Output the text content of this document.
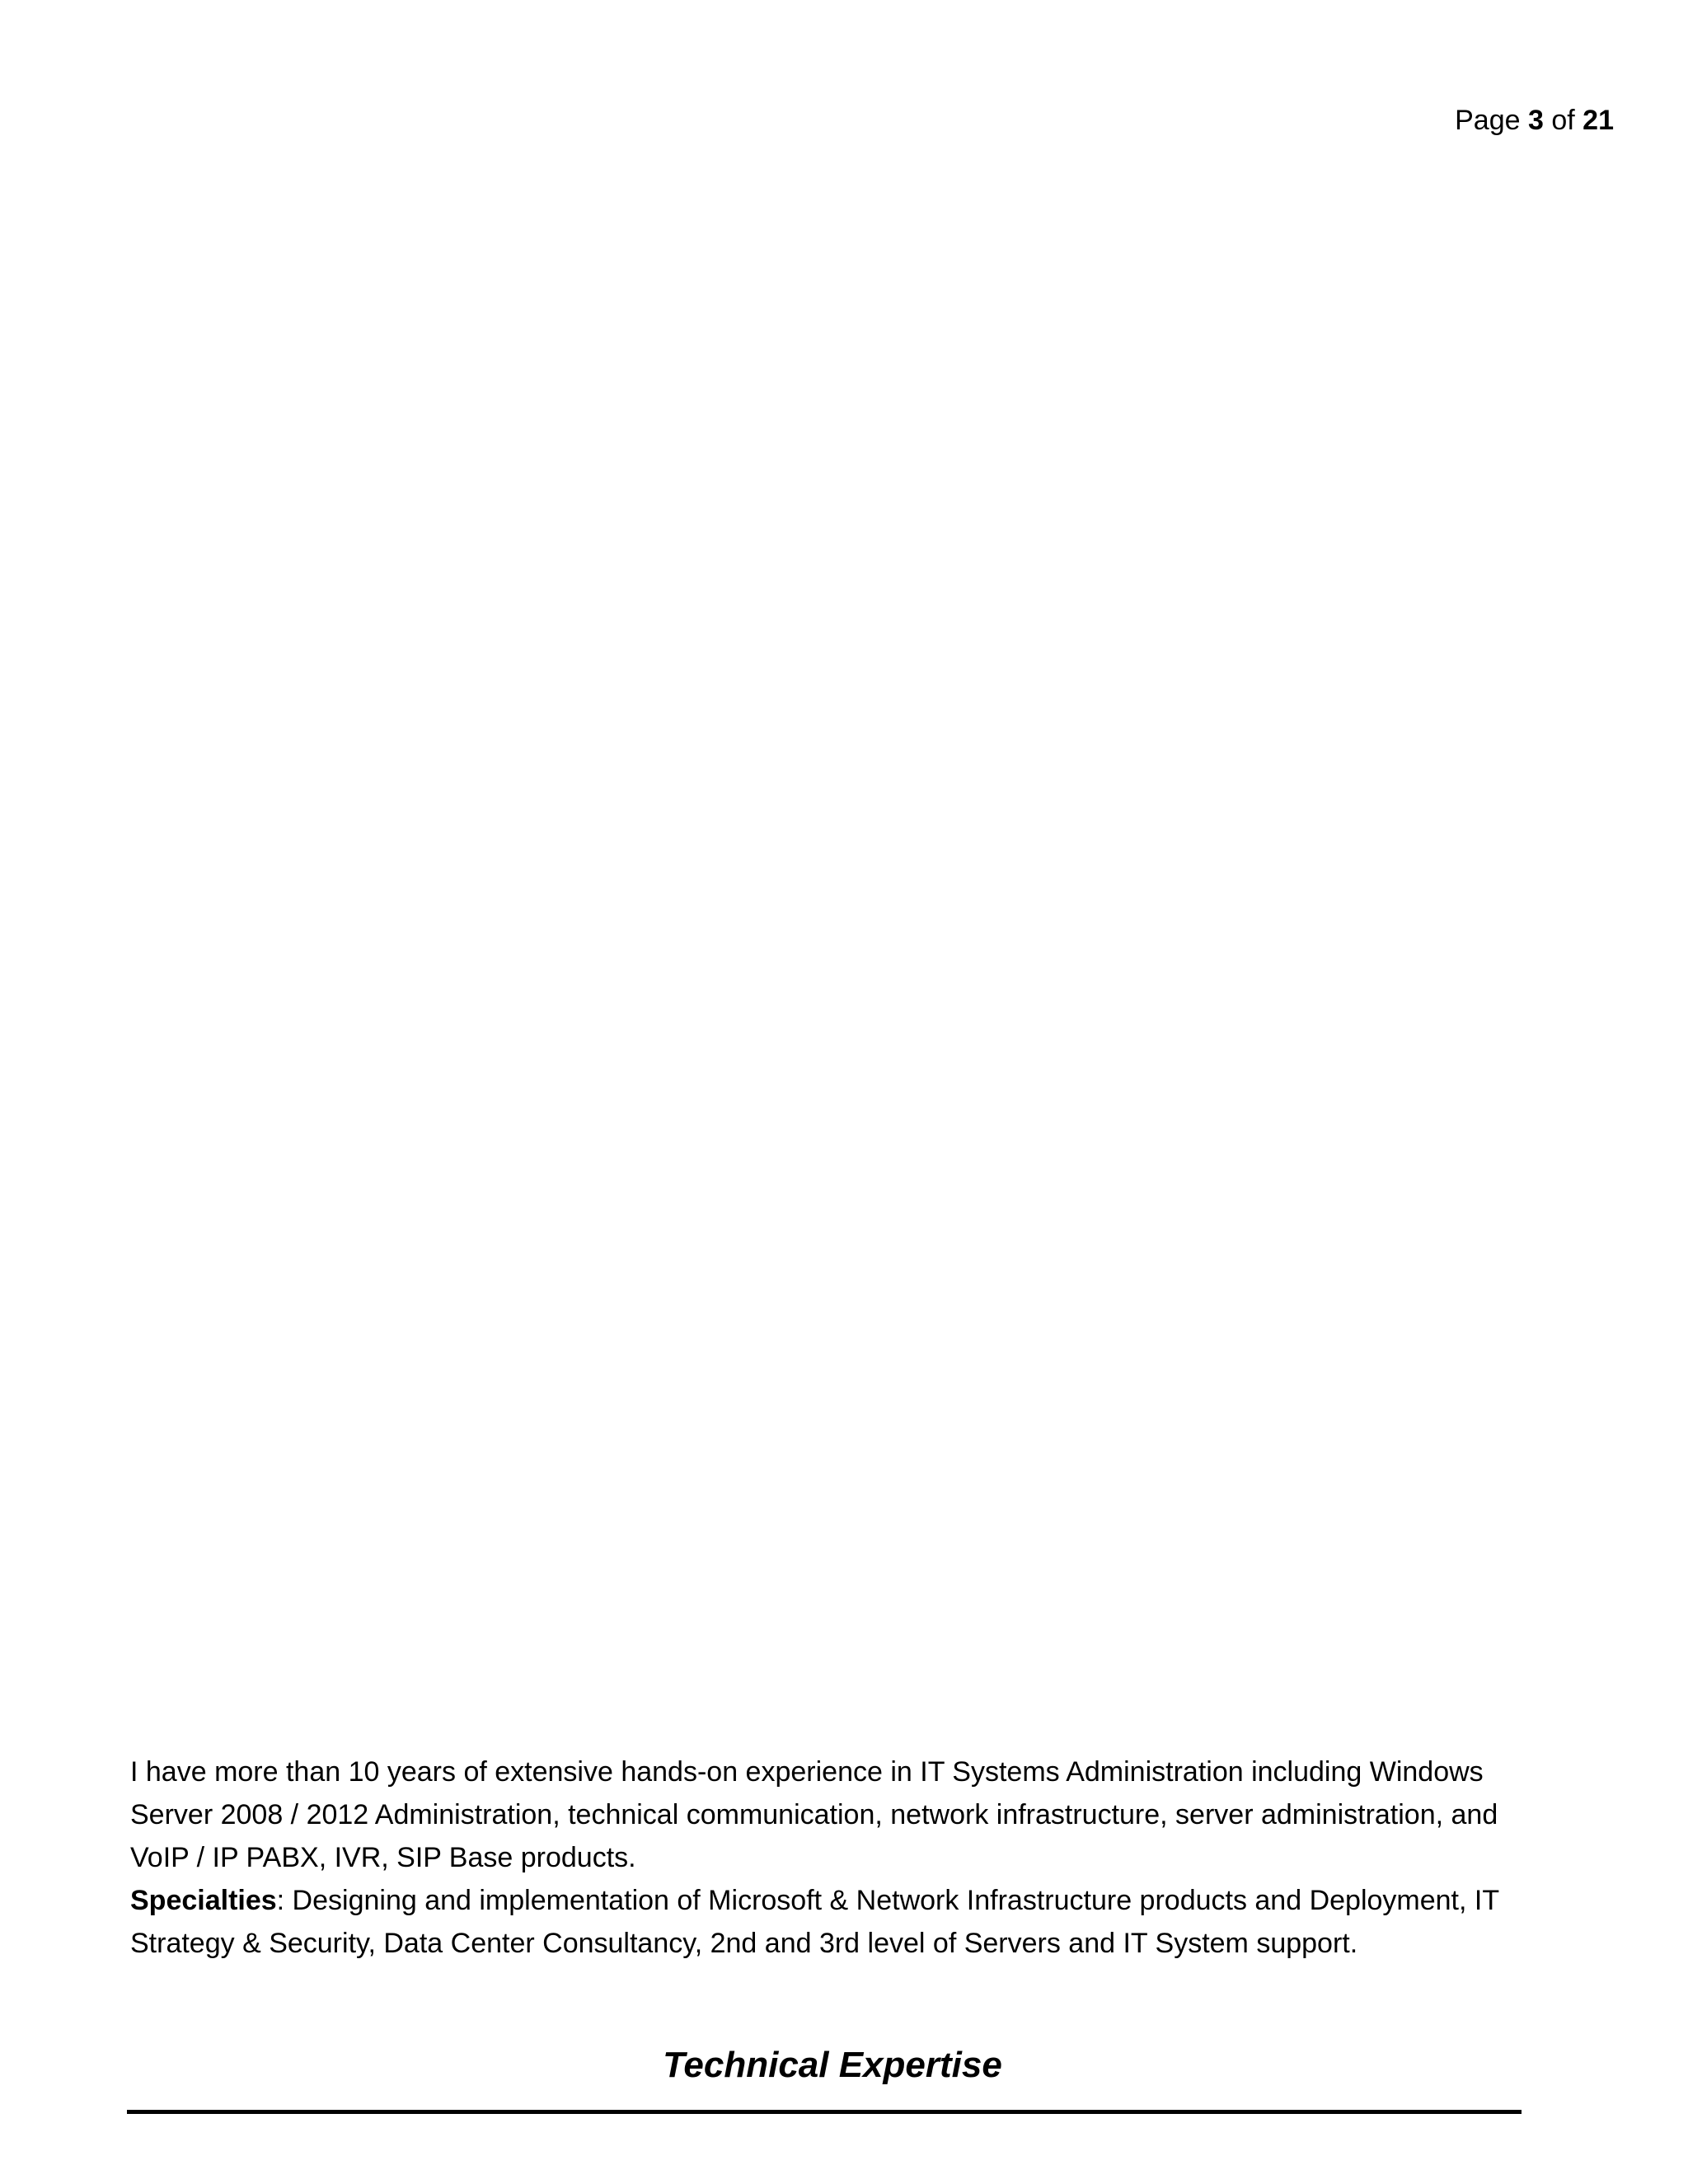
Page 3 of 21

I have more than 10 years of extensive hands-on experience in IT Systems Administration including Windows Server 2008 / 2012 Administration, technical communication, network infrastructure, server administration, and VoIP / IP PABX, IVR, SIP Base products.

Specialties: Designing and implementation of Microsoft & Network Infrastructure products and Deployment, IT Strategy & Security, Data Center Consultancy, 2nd and 3rd level of Servers and IT System support.

Technical Expertise
